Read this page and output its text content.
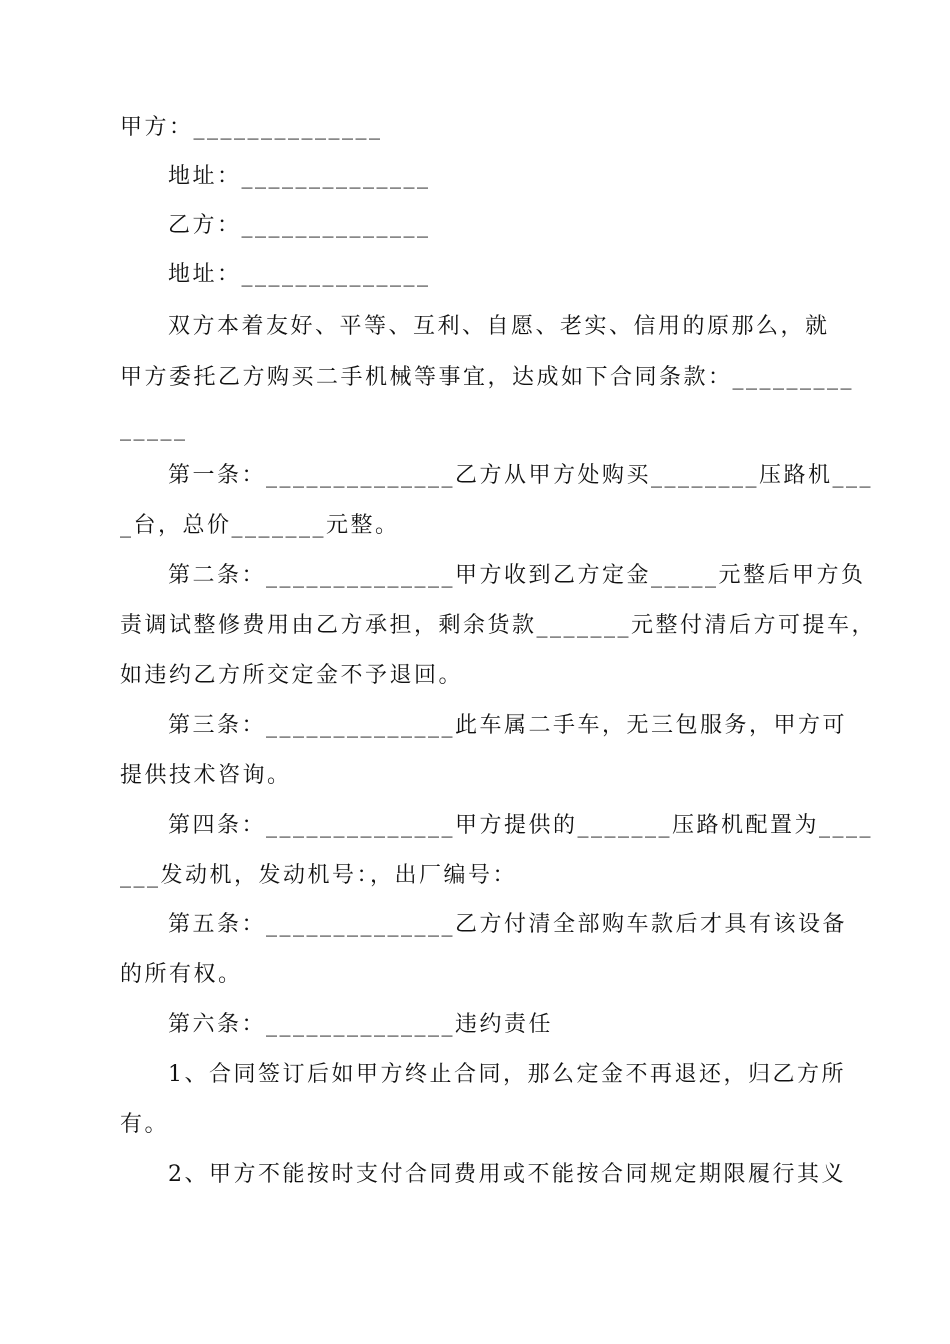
甲方：______________
地址：______________
乙方：______________
地址：______________
双方本着友好、平等、互利、自愿、老实、信用的原那么，就
甲方委托乙方购买二手机械等事宜，达成如下合同条款：_________
_____
第一条：______________乙方从甲方处购买________压路机___
_台，总价_______元整。
第二条：______________甲方收到乙方定金_____元整后甲方负
责调试整修费用由乙方承担，剩余货款_______元整付清后方可提车，
如违约乙方所交定金不予退回。
第三条：______________此车属二手车，无三包服务，甲方可
提供技术咨询。
第四条：______________甲方提供的_______压路机配置为____
___发动机，发动机号：，出厂编号：
第五条：______________乙方付清全部购车款后才具有该设备
的所有权。
第六条：______________违约责任
1、合同签订后如甲方终止合同，那么定金不再退还，归乙方所
有。
2、甲方不能按时支付合同费用或不能按合同规定期限履行其义
